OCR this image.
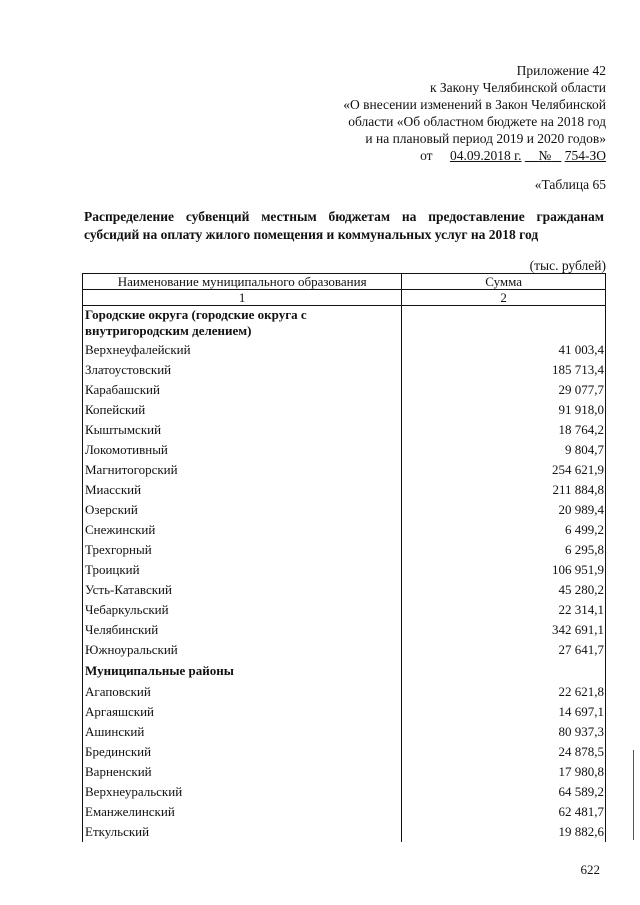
Приложение 42
к Закону Челябинской области
«О внесении изменений в Закон Челябинской
области «Об областном бюджете на 2018 год
и на плановый период 2019 и 2020 годов»
от 04.09.2018 г. № 754-ЗО
«Таблица 65
Распределение субвенций местным бюджетам на предоставление гражданам субсидий на оплату жилого помещения и коммунальных услуг на 2018 год
(тыс. рублей)
Наименование муниципального образования	Сумма
1	2
Городские округа (городские округа с внутригородским делением)	
Верхнеуфалейский	41 003,4
Златоустовский	185 713,4
Карабашский	29 077,7
Копейский	91 918,0
Кыштымский	18 764,2
Локомотивный	9 804,7
Магнитогорский	254 621,9
Миасский	211 884,8
Озерский	20 989,4
Снежинский	6 499,2
Трехгорный	6 295,8
Троицкий	106 951,9
Усть-Катавский	45 280,2
Чебаркульский	22 314,1
Челябинский	342 691,1
Южноуральский	27 641,7
Муниципальные районы	
Агаповский	22 621,8
Аргаяшский	14 697,1
Ашинский	80 937,3
Брединский	24 878,5
Варненский	17 980,8
Верхнеуральский	64 589,2
Еманжелинский	62 481,7
Еткульский	19 882,6
622
